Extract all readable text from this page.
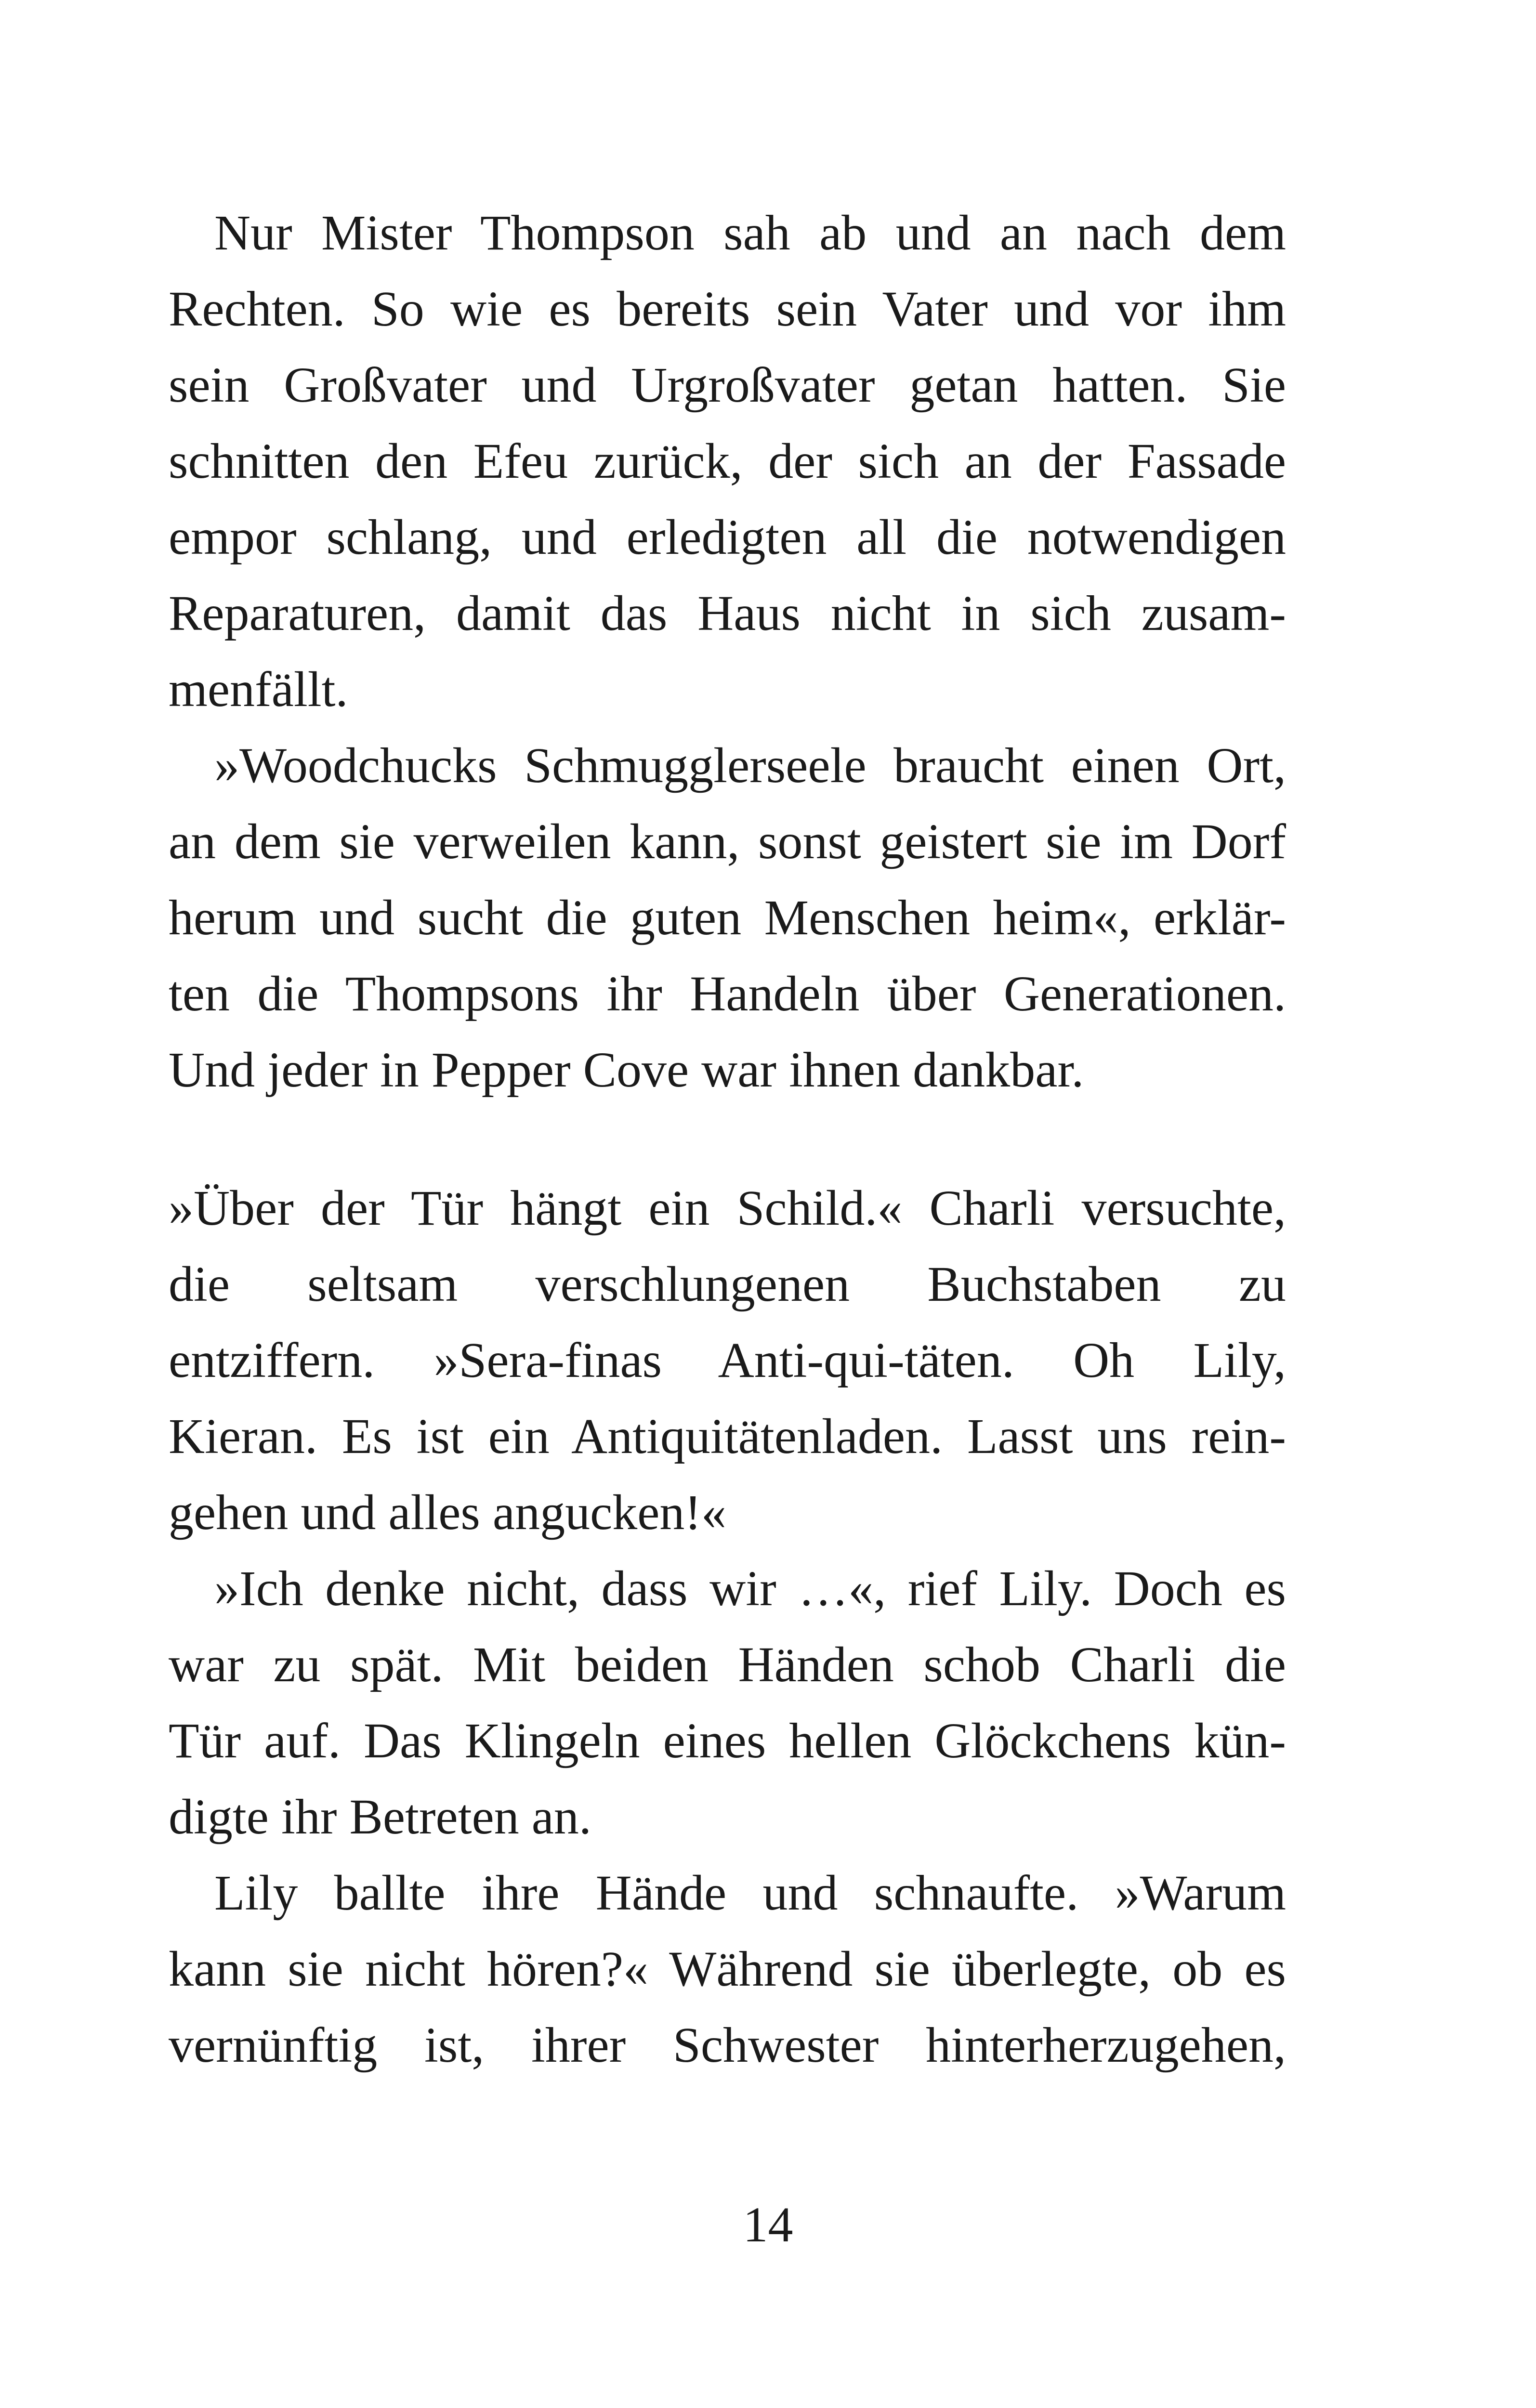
Nur Mister Thompson sah ab und an nach dem
Rechten. So wie es bereits sein Vater und vor ihm
sein Großvater und Urgroßvater getan hatten. Sie
schnitten den Efeu zurück, der sich an der Fassade
empor schlang, und erledigten all die notwendigen
Reparaturen, damit das Haus nicht in sich zusam-
menfällt.
»Woodchucks Schmugglerseele braucht einen Ort,
an dem sie verweilen kann, sonst geistert sie im Dorf
herum und sucht die guten Menschen heim«, erklär-
ten die Thompsons ihr Handeln über Generationen.
Und jeder in Pepper Cove war ihnen dankbar.
»Über der Tür hängt ein Schild.« Charli versuchte,
die seltsam verschlungenen Buchstaben zu
entziffern. »Sera-finas Anti-qui-täten. Oh Lily,
Kieran. Es ist ein Antiquitätenladen. Lasst uns rein-
gehen und alles angucken!«
»Ich denke nicht, dass wir …«, rief Lily. Doch es
war zu spät. Mit beiden Händen schob Charli die
Tür auf. Das Klingeln eines hellen Glöckchens kün-
digte ihr Betreten an.
Lily ballte ihre Hände und schnaufte. »Warum
kann sie nicht hören?« Während sie überlegte, ob es
vernünftig ist, ihrer Schwester hinterherzugehen,
14
